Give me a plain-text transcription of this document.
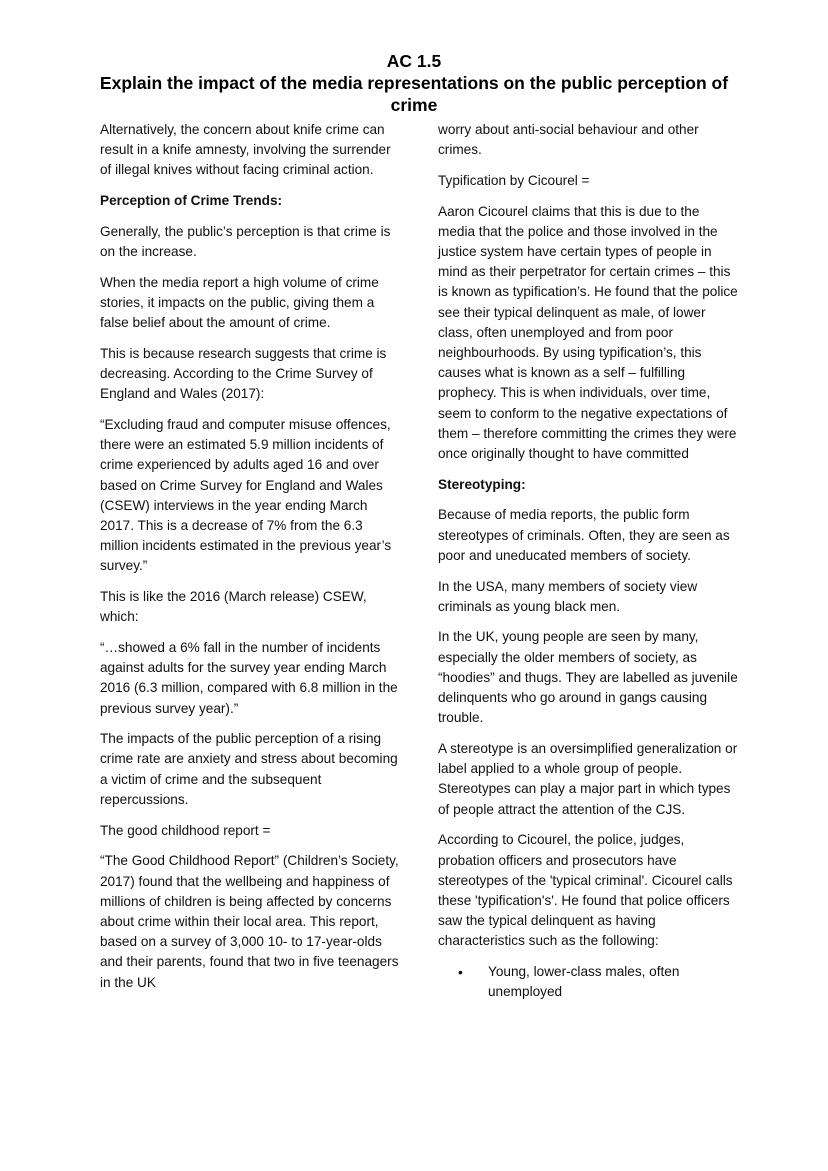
AC 1.5
Explain the impact of the media representations on the public perception of
crime

Alternatively, the concern about knife crime can result in a knife amnesty, involving the surrender of illegal knives without facing criminal action.

Perception of Crime Trends:

Generally, the public’s perception is that crime is on the increase.

When the media report a high volume of crime stories, it impacts on the public, giving them a false belief about the amount of crime.

This is because research suggests that crime is decreasing. According to the Crime Survey of England and Wales (2017):

“Excluding fraud and computer misuse offences, there were an estimated 5.9 million incidents of crime experienced by adults aged 16 and over based on Crime Survey for England and Wales (CSEW) interviews in the year ending March 2017. This is a decrease of 7% from the 6.3 million incidents estimated in the previous year’s survey.”

This is like the 2016 (March release) CSEW, which:

“…showed a 6% fall in the number of incidents against adults for the survey year ending March 2016 (6.3 million, compared with 6.8 million in the previous survey year).”

The impacts of the public perception of a rising crime rate are anxiety and stress about becoming a victim of crime and the subsequent repercussions.

The good childhood report =

“The Good Childhood Report” (Children’s Society, 2017) found that the wellbeing and happiness of millions of children is being affected by concerns about crime within their local area. This report, based on a survey of 3,000 10- to 17-year-olds and their parents, found that two in five teenagers in the UK

worry about anti-social behaviour and other crimes.

Typification by Cicourel =

Aaron Cicourel claims that this is due to the media that the police and those involved in the justice system have certain types of people in mind as their perpetrator for certain crimes – this is known as typification’s. He found that the police see their typical delinquent as male, of lower class, often unemployed and from poor neighbourhoods. By using typification’s, this causes what is known as a self – fulfilling prophecy. This is when individuals, over time, seem to conform to the negative expectations of them – therefore committing the crimes they were once originally thought to have committed

Stereotyping:

Because of media reports, the public form stereotypes of criminals. Often, they are seen as poor and uneducated members of society.

In the USA, many members of society view criminals as young black men.

In the UK, young people are seen by many, especially the older members of society, as “hoodies” and thugs. They are labelled as juvenile delinquents who go around in gangs causing trouble.

A stereotype is an oversimplified generalization or label applied to a whole group of people. Stereotypes can play a major part in which types of people attract the attention of the CJS.

According to Cicourel, the police, judges, probation officers and prosecutors have stereotypes of the 'typical criminal'. Cicourel calls these 'typification's'. He found that police officers saw the typical delinquent as having characteristics such as the following:

• Young, lower-class males, often unemployed
